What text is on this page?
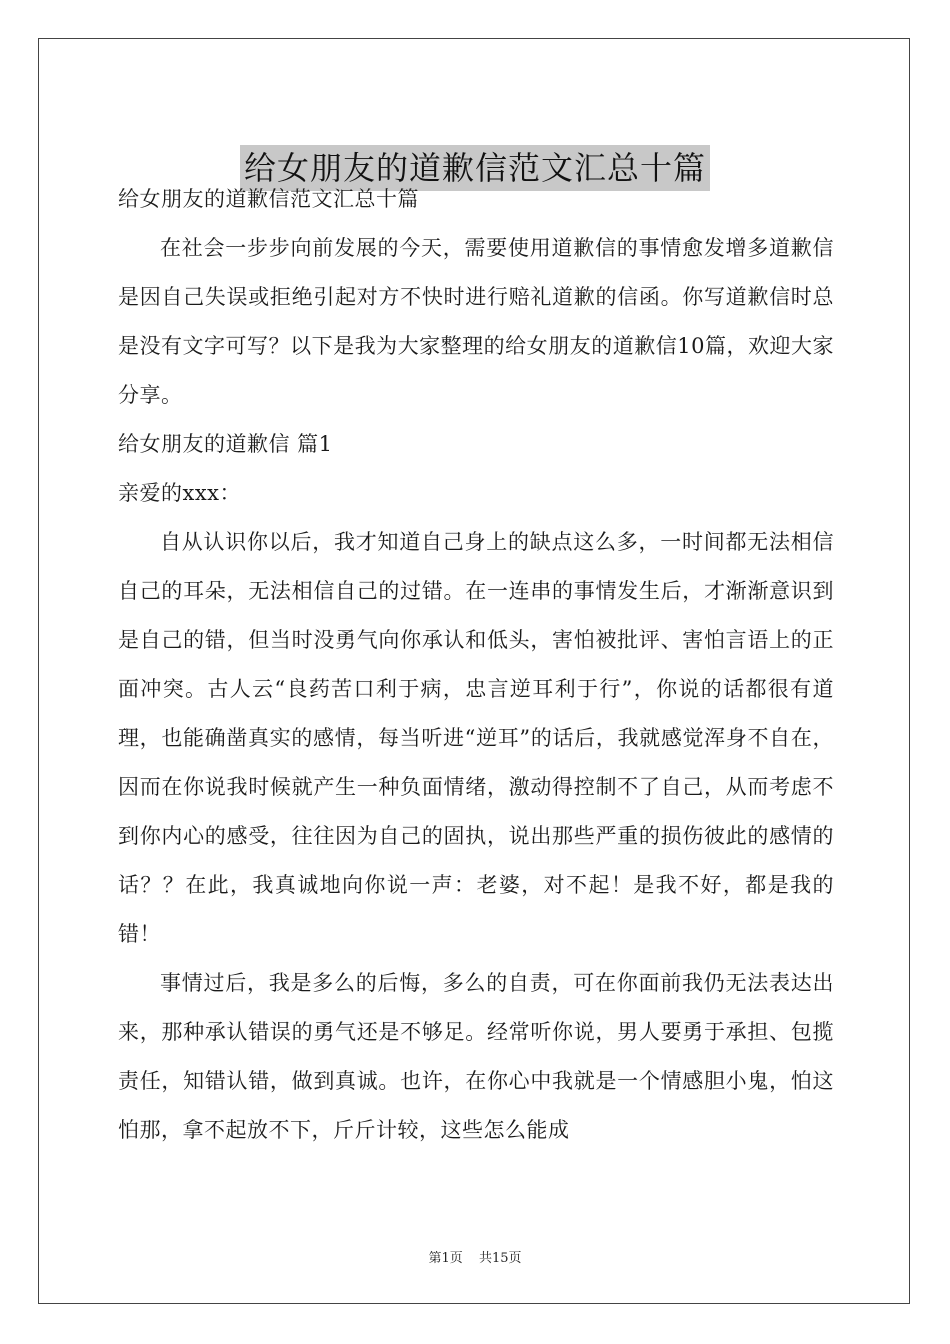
给女朋友的道歉信范文汇总十篇

给女朋友的道歉信范文汇总十篇

在社会一步步向前发展的今天，需要使用道歉信的事情愈发增多道歉信是因自己失误或拒绝引起对方不快时进行赔礼道歉的信函。你写道歉信时总是没有文字可写？以下是我为大家整理的给女朋友的道歉信10篇，欢迎大家分享。

给女朋友的道歉信 篇1

亲爱的xxx：

自从认识你以后，我才知道自己身上的缺点这么多，一时间都无法相信自己的耳朵，无法相信自己的过错。在一连串的事情发生后，才渐渐意识到是自己的错，但当时没勇气向你承认和低头，害怕被批评、害怕言语上的正面冲突。古人云“良药苦口利于病，忠言逆耳利于行”，你说的话都很有道理，也能确凿真实的感情，每当听进“逆耳”的话后，我就感觉浑身不自在，因而在你说我时候就产生一种负面情绪，激动得控制不了自己，从而考虑不到你内心的感受，往往因为自己的固执，说出那些严重的损伤彼此的感情的话？？在此，我真诚地向你说一声：老婆，对不起！是我不好，都是我的错！

事情过后，我是多么的后悔，多么的自责，可在你面前我仍无法表达出来，那种承认错误的勇气还是不够足。经常听你说，男人要勇于承担、包揽责任，知错认错，做到真诚。也许，在你心中我就是一个情感胆小鬼，怕这怕那，拿不起放不下，斤斤计较，这些怎么能成

第1页 共15页
